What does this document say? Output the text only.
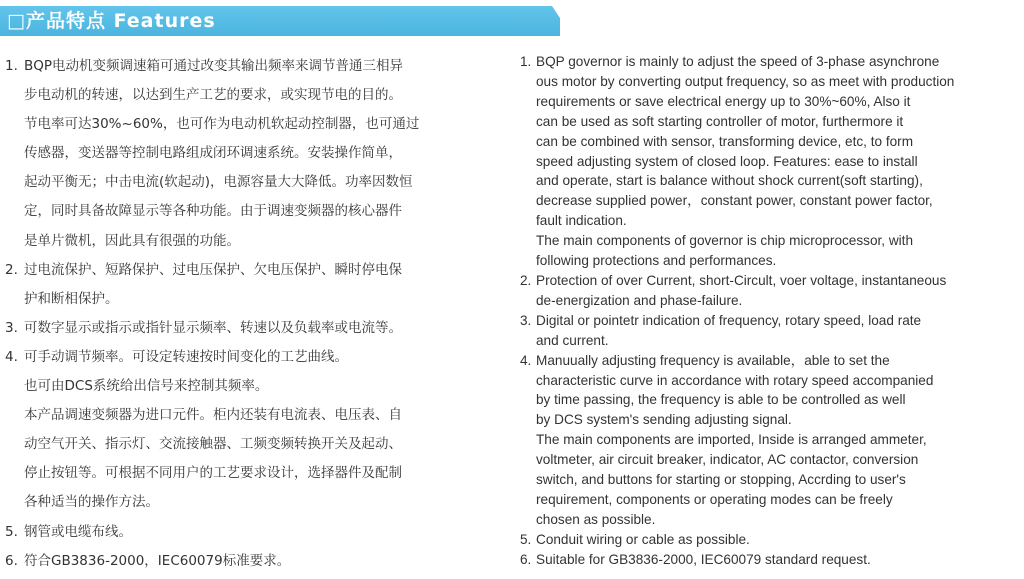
□产品特点 Features
1. BQP电动机变频调速箱可通过改变其输出频率来调节普通三相异
步电动机的转速，以达到生产工艺的要求，或实现节电的目的。
节电率可达30%~60%，也可作为电动机软起动控制器，也可通过
传感器，变送器等控制电路组成闭环调速系统。安装操作简单，
起动平衡无；中击电流(软起动)，电源容量大大降低。功率因数恒
定，同时具备故障显示等各种功能。由于调速变频器的核心器件
是单片微机，因此具有很强的功能。
2. 过电流保护、短路保护、过电压保护、欠电压保护、瞬时停电保
护和断相保护。
3. 可数字显示或指示或指针显示频率、转速以及负载率或电流等。
4. 可手动调节频率。可设定转速按时间变化的工艺曲线。
也可由DCS系统给出信号来控制其频率。
本产品调速变频器为进口元件。柜内还装有电流表、电压表、自
动空气开关、指示灯、交流接触器、工频变频转换开关及起动、
停止按钮等。可根据不同用户的工艺要求设计，选择器件及配制
各种适当的操作方法。
5. 钢管或电缆布线。
6. 符合GB3836-2000，IEC60079标准要求。
1. BQP governor is mainly to adjust the speed of 3-phase asynchrone
ous motor by converting output frequency, so as meet with production
requirements or save electrical energy up to 30%~60%, Also it
can be used as soft starting controller of motor, furthermore it
can be combined with sensor, transforming device, etc, to form
speed adjusting system of closed loop. Features: ease to install
and operate, start is balance without shock current(soft starting),
decrease supplied power，constant power, constant power factor,
fault indication.
The main components of governor is chip microprocessor, with
following protections and performances.
2. Protection of over Current, short-Circult, voer voltage, instantaneous
de-energization and phase-failure.
3. Digital or pointetr indication of frequency, rotary speed, load rate
and current.
4. Manuually adjusting frequency is available，able to set the
characteristic curve in accordance with rotary speed accompanied
by time passing, the frequency is able to be controlled as well
by DCS system's sending adjusting signal.
The main components are imported, Inside is arranged ammeter,
voltmeter, air circuit breaker, indicator, AC contactor, conversion
switch, and buttons for starting or stopping, Accrding to user's
requirement, components or operating modes can be freely
chosen as possible.
5. Conduit wiring or cable as possible.
6. Suitable for GB3836-2000, IEC60079 standard request.
